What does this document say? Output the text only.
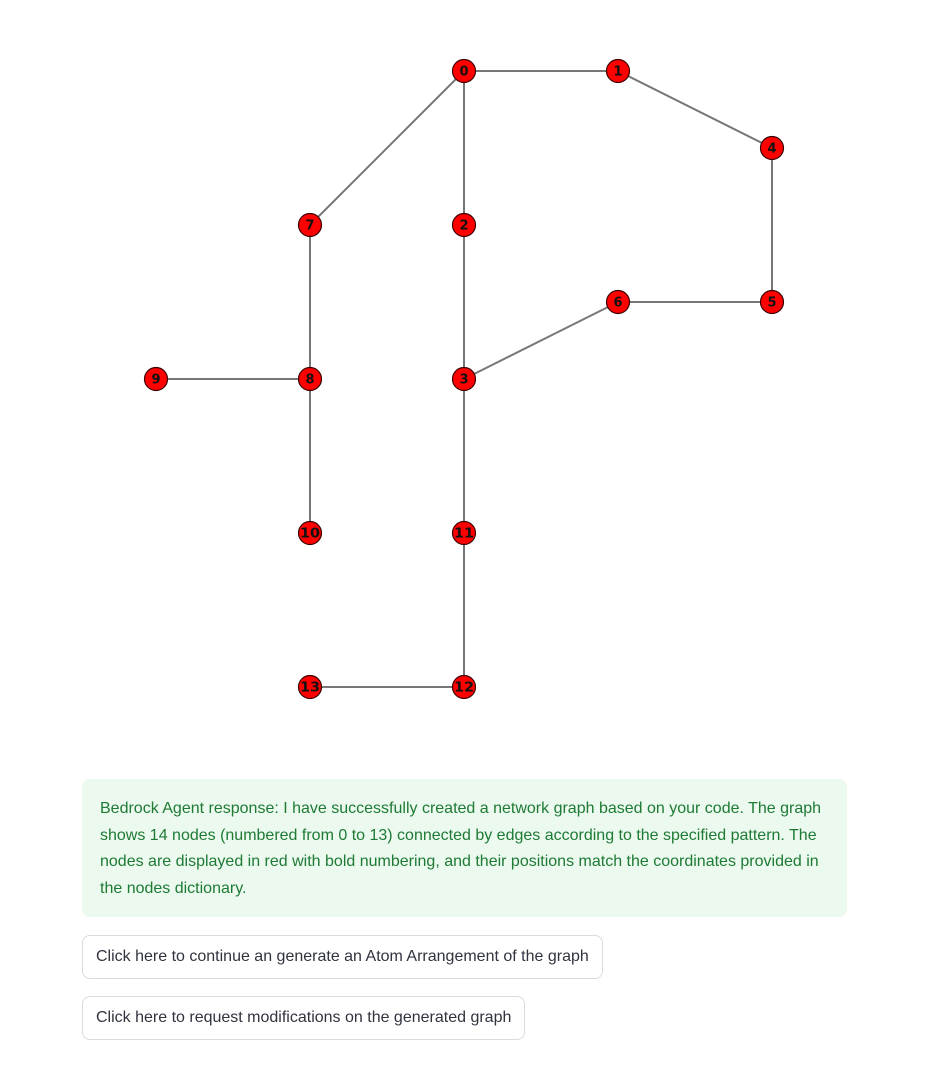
0	1
2
3
4
5
6
7
8
9
10	11
12
13
Bedrock Agent response: I have successfully created a network graph based on your code. The graph shows 14 nodes (numbered from 0 to 13) connected by edges according to the specified pattern. The nodes are displayed in red with bold numbering, and their positions match the coordinates provided in the nodes dictionary.
Click here to continue an generate an Atom Arrangement of the graph
Click here to request modifications on the generated graph
